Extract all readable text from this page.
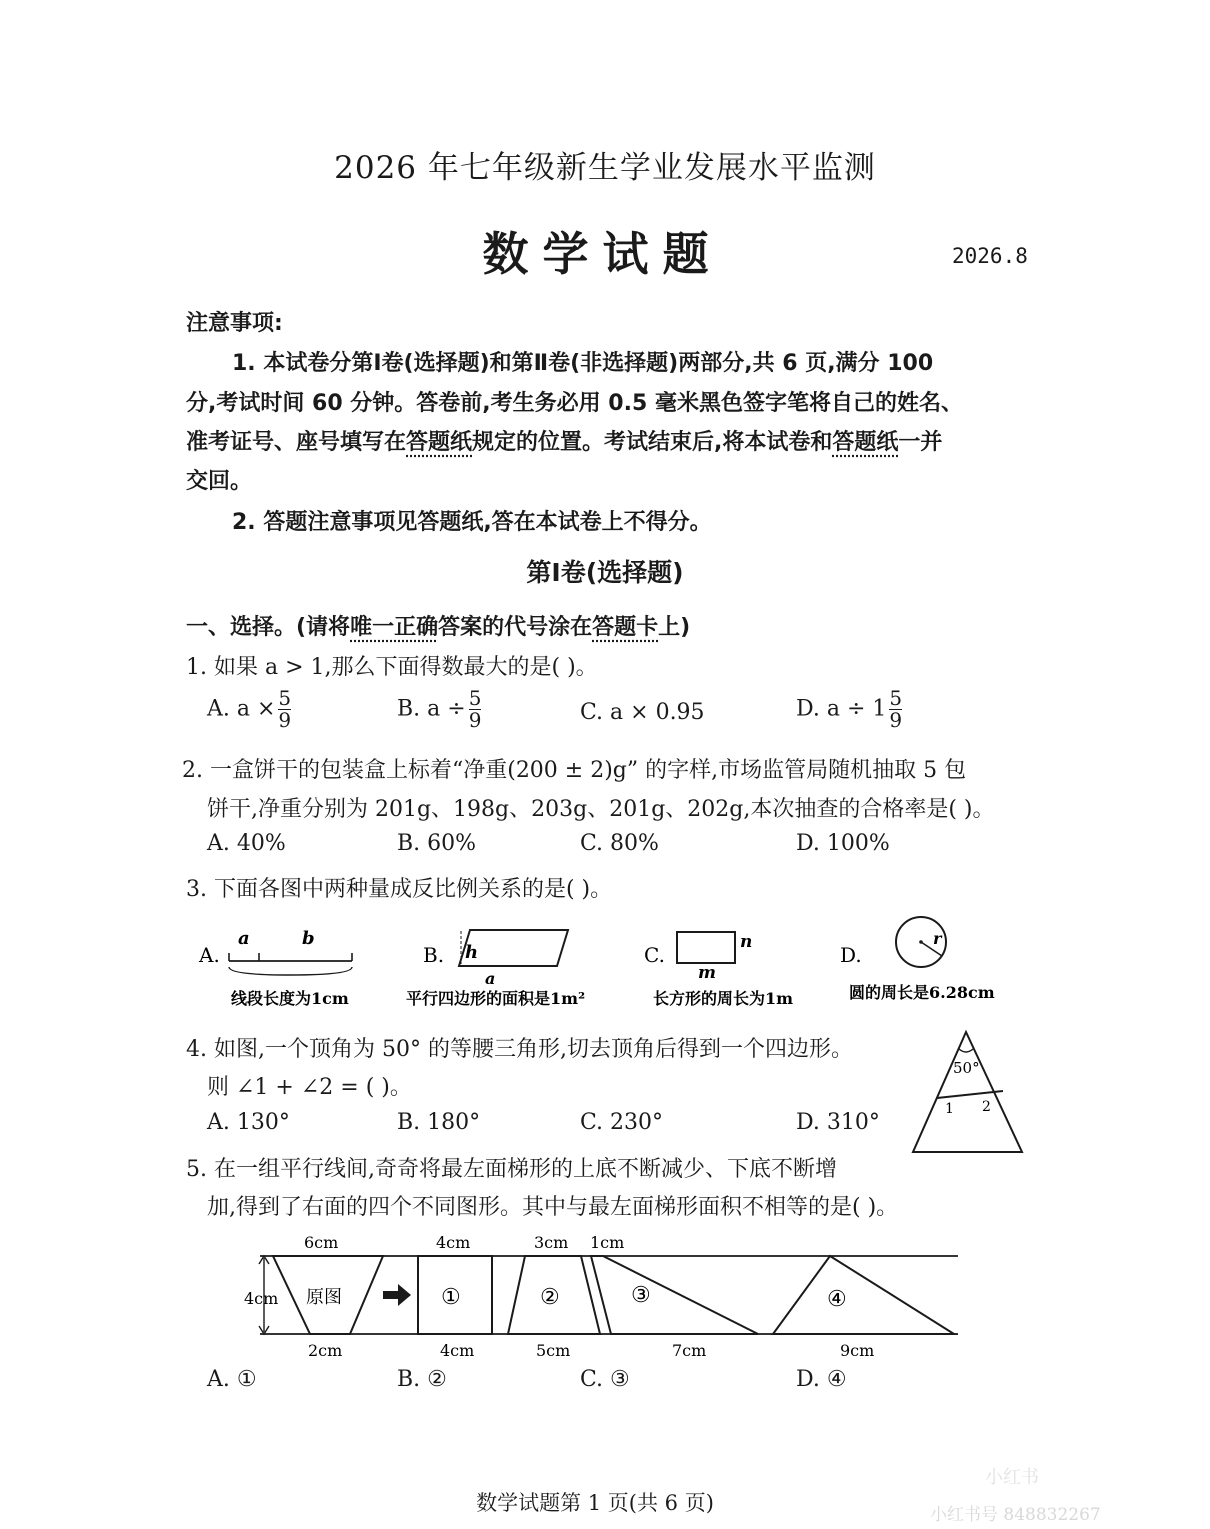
2026 年七年级新生学业发展水平监测
数学试题	2026.8
注意事项:
1. 本试卷分第Ⅰ卷(选择题)和第Ⅱ卷(非选择题)两部分,共 6 页,满分 100
分,考试时间 60 分钟。答卷前,考生务必用 0.5 毫米黑色签字笔将自己的姓名、
准考证号、座号填写在答题纸规定的位置。考试结束后,将本试卷和答题纸一并
交回。
2. 答题注意事项见答题纸,答在本试卷上不得分。
第Ⅰ卷(选择题)
一、选择。(请将唯一正确答案的代号涂在答题卡上)
1. 如果 a > 1,那么下面得数最大的是( )。
A. $a \times \frac{5}{9}$	B. $a \div \frac{5}{9}$	C. a × 0.95	D. $a \div 1 \frac{5}{9}$
2. 一盒饼干的包装盒上标着“净重(200 ± 2)g” 的字样,市场监管局随机抽取 5 包
饼干,净重分别为 201g、198g、203g、201g、202g,本次抽查的合格率是( )。
A. 40%	B. 60%	C. 80%	D. 100%
3. 下面各图中两种量成反比例关系的是( )。
A.
a	b
线段长度为1cm
B. h
a
平行四边形的面积是1m²
C.
n
m
长方形的周长为1m
D.
r
圆的周长是6.28cm
4. 如图,一个顶角为 50° 的等腰三角形,切去顶角后得到一个四边形。
则 ∠1 + ∠2 = ( )。
A. 130°	B. 180°	C. 230°	D. 310°
50°
1 2
5. 在一组平行线间,奇奇将最左面梯形的上底不断减少、下底不断增
加,得到了右面的四个不同图形。其中与最左面梯形面积不相等的是( )。
4cm 原图
6cm
2cm
①
4cm
4cm
②
3cm
5cm
③
1cm
7cm
④
9cm
A. ①	B. ②	C. ③	D. ④
数学试题第 1 页(共 6 页)
小红书
小红书号 848832267
